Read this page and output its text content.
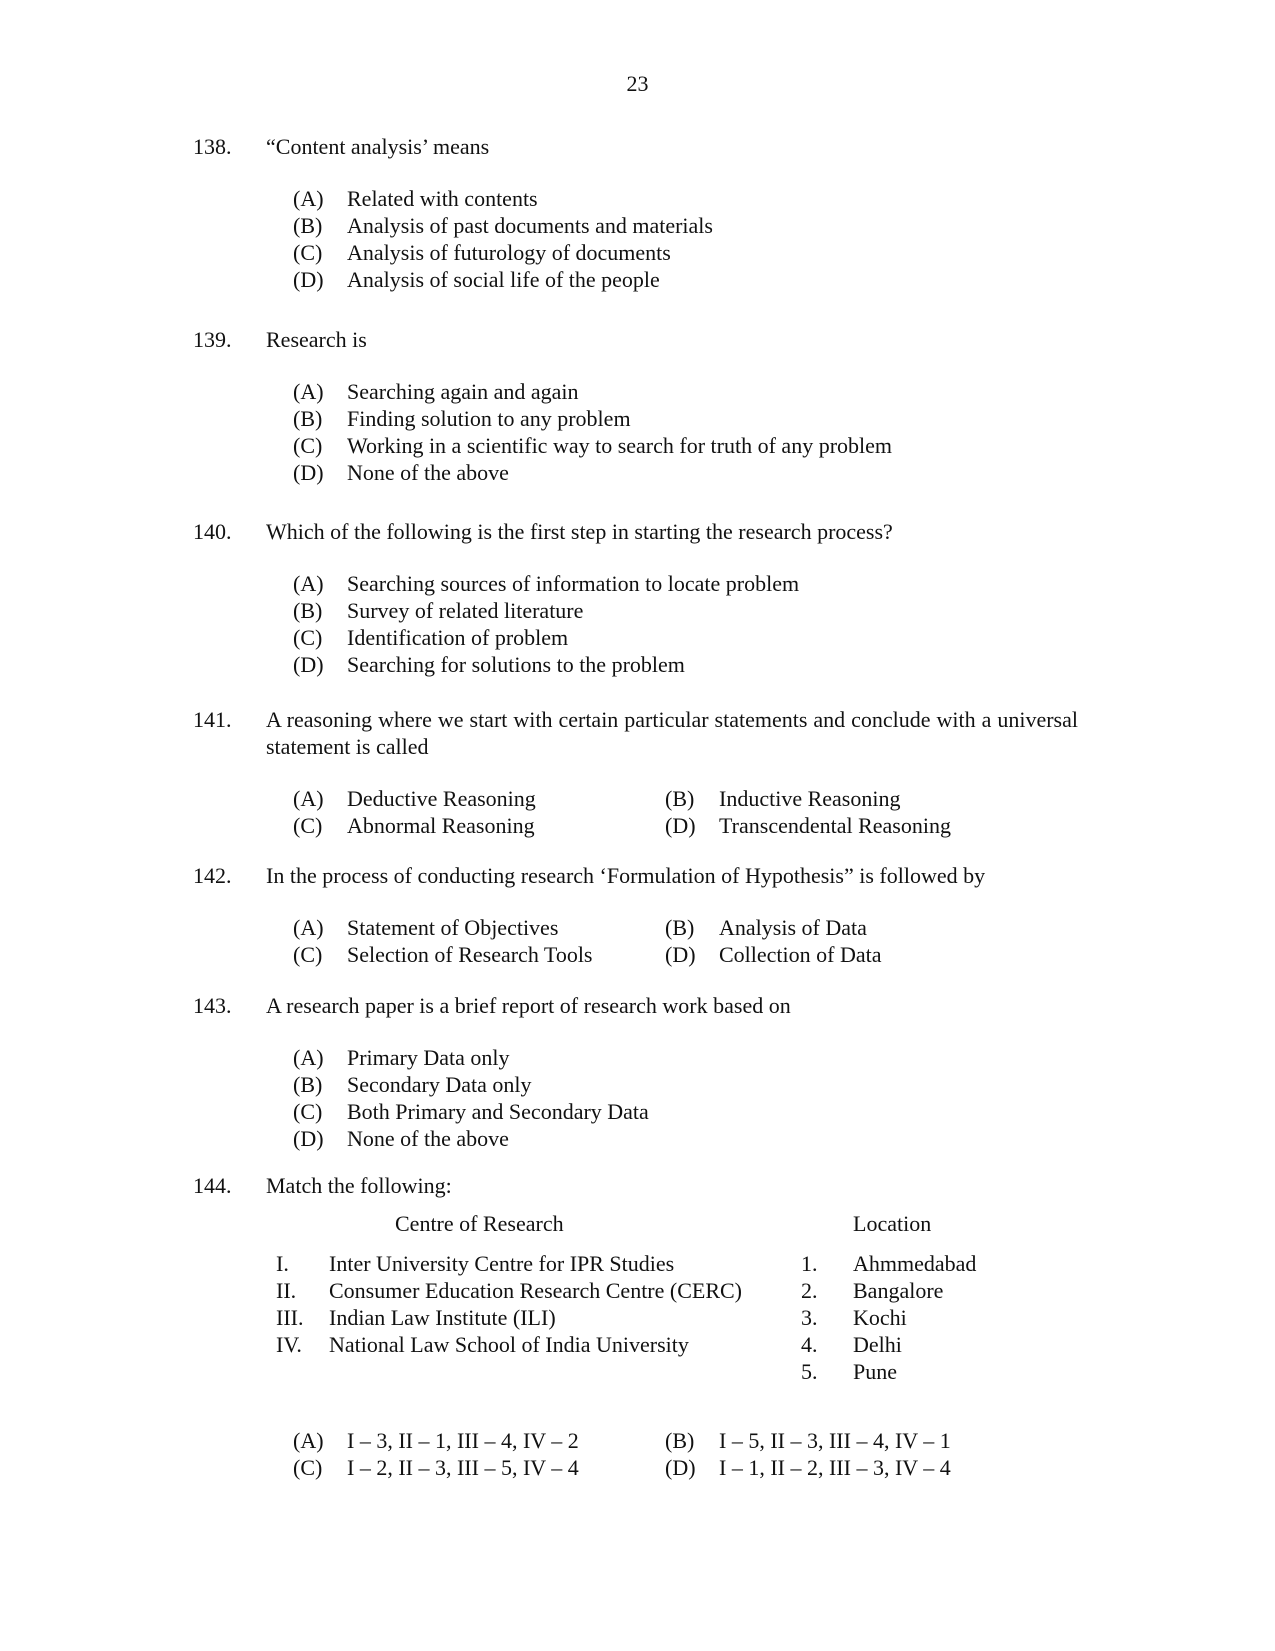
23
138.	“Content analysis’ means
(A) Related with contents
(B) Analysis of past documents and materials
(C) Analysis of futurology of documents
(D) Analysis of social life of the people
139.	Research is
(A) Searching again and again
(B) Finding solution to any problem
(C) Working in a scientific way to search for truth of any problem
(D) None of the above
140.	Which of the following is the first step in starting the research process?
(A) Searching sources of information to locate problem
(B) Survey of related literature
(C) Identification of problem
(D) Searching for solutions to the problem
141.	A reasoning where we start with certain particular statements and conclude with a universal statement is called
(A) Deductive Reasoning	(B) Inductive Reasoning
(C) Abnormal Reasoning	(D) Transcendental Reasoning
142.	In the process of conducting research ‘Formulation of Hypothesis” is followed by
(A) Statement of Objectives	(B) Analysis of Data
(C) Selection of Research Tools	(D) Collection of Data
143.	A research paper is a brief report of research work based on
(A) Primary Data only
(B) Secondary Data only
(C) Both Primary and Secondary Data
(D) None of the above
144.	Match the following:
Centre of Research	Location
I. Inter University Centre for IPR Studies	1. Ahmmedabad
II. Consumer Education Research Centre (CERC)	2. Bangalore
III. Indian Law Institute (ILI)	3. Kochi
IV. National Law School of India University	4. Delhi
5. Pune
(A) I – 3, II – 1, III – 4, IV – 2	(B) I – 5, II – 3, III – 4, IV – 1
(C) I – 2, II – 3, III – 5, IV – 4	(D) I – 1, II – 2, III – 3, IV – 4
